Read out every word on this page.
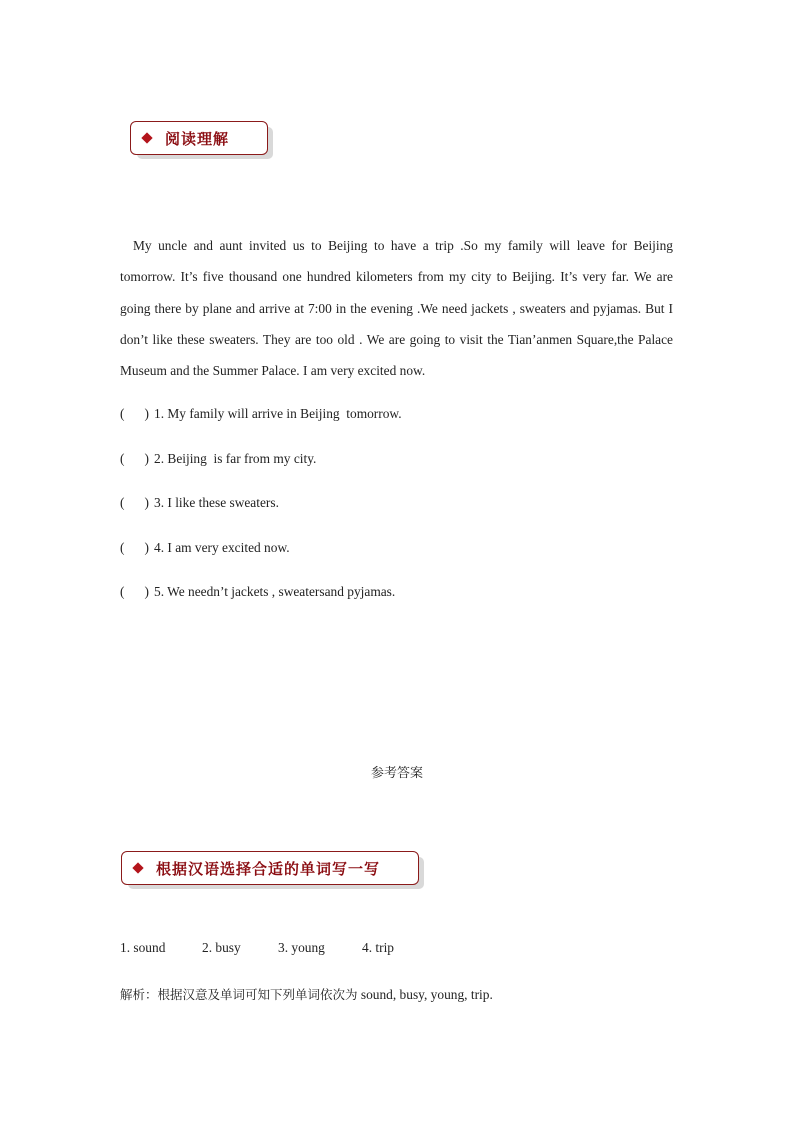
阅读理解
My uncle and aunt invited us to Beijing to have a trip .So my family will leave for Beijing tomorrow. It’s five thousand one hundred kilometers from my city to Beijing. It’s very far. We are going there by plane and arrive at 7:00 in the evening .We need jackets , sweaters and pyjamas. But I don’t like these sweaters. They are too old . We are going to visit the Tian’anmen Square,the Palace Museum and the Summer Palace. I am very excited now.
(      ) 1. My family will arrive in Beijing  tomorrow.
(      ) 2. Beijing  is far from my city.
(      ) 3. I like these sweaters.
(      ) 4. I am very excited now.
(      ) 5. We needn’t jackets , sweatersand pyjamas.
参考答案
根据汉语选择合适的单词写一写
1. sound	2. busy	3. young	4. trip
解析：根据汉意及单词可知下列单词依次为 sound, busy, young, trip.
